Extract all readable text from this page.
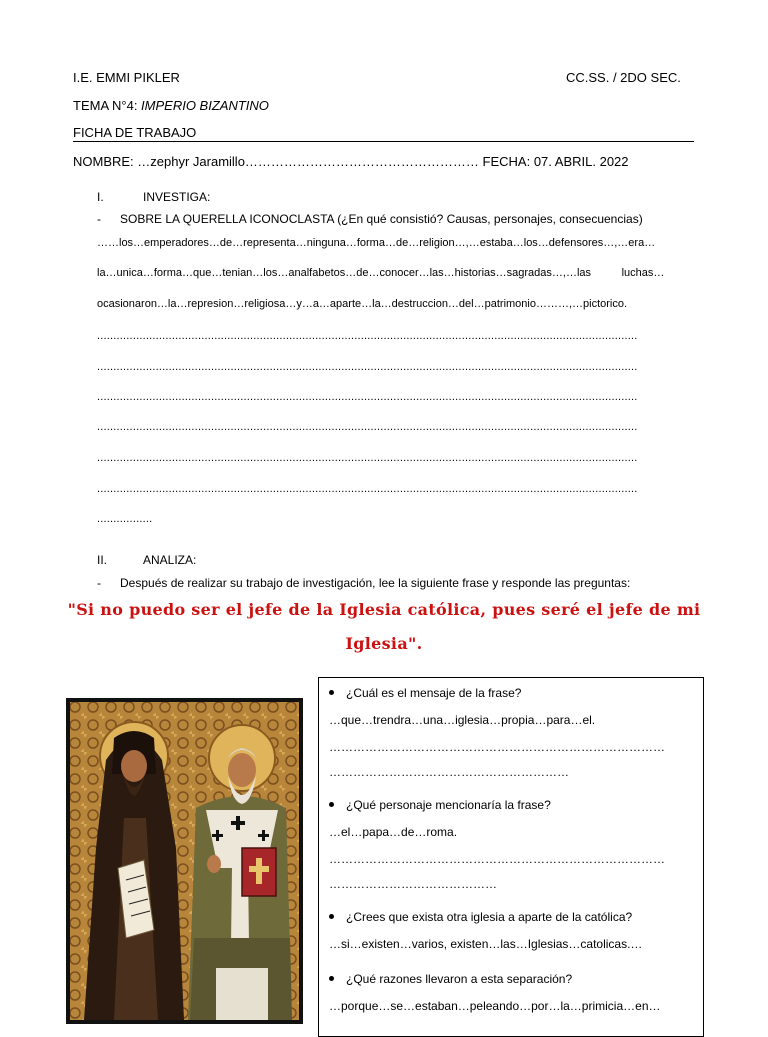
I.E. EMMI PIKLER	CC.SS. / 2DO SEC.
TEMA N°4: IMPERIO BIZANTINO
FICHA DE TRABAJO
NOMBRE: …zephyr Jaramillo……………………………………………… FECHA: 07. ABRIL. 2022
I.	INVESTIGA:
- SOBRE LA QUERELLA ICONOCLASTA (¿En qué consistió? Causas, personajes, consecuencias)
……los…emperadores…de…representa…ninguna…forma…de…religion…,…estaba…los…defensores…,…era…
la…unica…forma…que…tenian…los…analfabetos…de…conocer…las…historias…sagradas…,…las          luchas…
ocasionaron…la…represion…religiosa…y…a…aparte…la…destruccion…del…patrimonio………,…pictorico.
......................................................................................................................................................................
......................................................................................................................................................................
......................................................................................................................................................................
......................................................................................................................................................................
......................................................................................................................................................................
......................................................................................................................................................................
.................
II.	ANALIZA:
- Después de realizar su trabajo de investigación, lee la siguiente frase y responde las preguntas:
"Si no puedo ser el jefe de la Iglesia católica, pues seré el jefe de mi
Iglesia".
¿Cuál es el mensaje de la frase?
…que…trendra…una…iglesia…propia…para…el.
…………………………………………………………………………
……………………………………………………
¿Qué personaje mencionaría la frase?
…el…papa…de…roma.
…………………………………………………………………………
……………………………………
¿Crees que exista otra iglesia a aparte de la católica?
…si…existen…varios, existen…las…Iglesias…catolicas.…
¿Qué razones llevaron a esta separación?
…porque…se…estaban…peleando…por…la…primicia…en…
